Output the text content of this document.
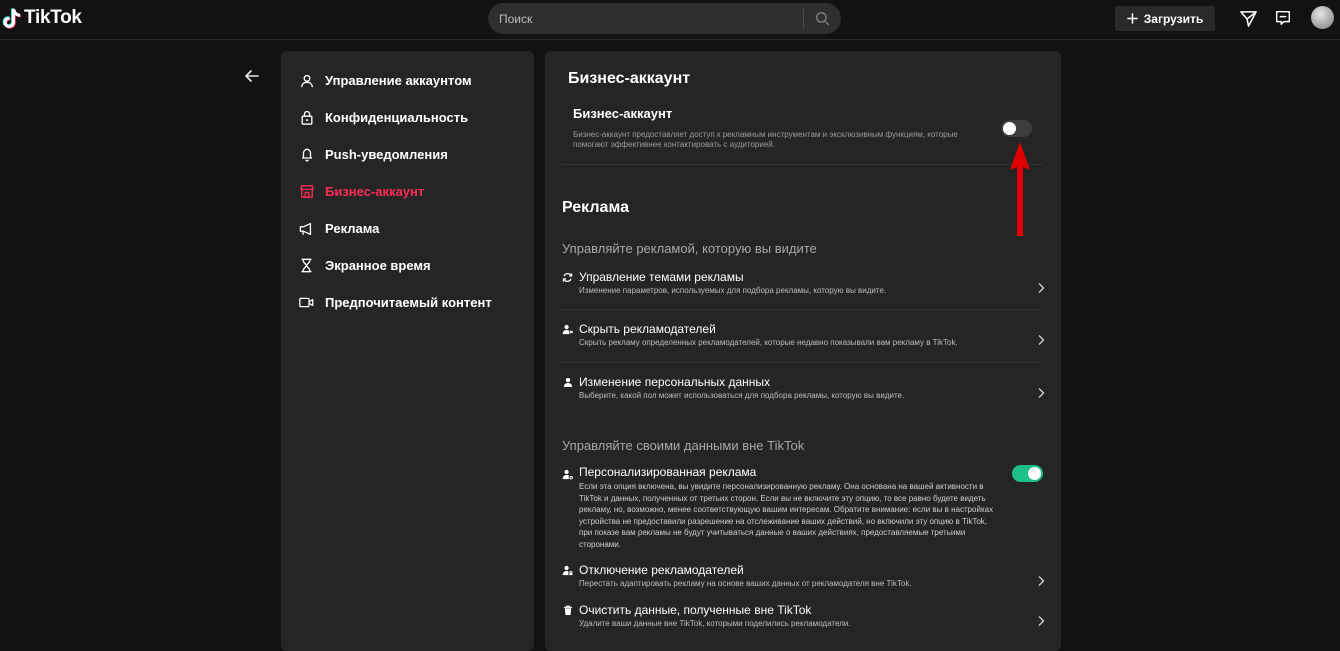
TikTok
Поиск	Загрузить
Управление аккаунтом
Конфиденциальность
Push-уведомления
Бизнес-аккаунт
Реклама
Экранное время
Предпочитаемый контент
Бизнес-аккаунт
Бизнес-аккаунт
Бизнес-аккаунт предоставляет доступ к рекламным инструментам и эксклюзивным функциям, которые помогают эффективнее контактировать с аудиторией.
Реклама
Управляйте рекламой, которую вы видите
Управление темами рекламы
Изменение параметров, используемых для подбора рекламы, которую вы видите.
Скрыть рекламодателей
Скрыть рекламу определенных рекламодателей, которые недавно показывали вам рекламу в TikTok.
Изменение персональных данных
Выберите, какой пол может использоваться для подбора рекламы, которую вы видите.
Управляйте своими данными вне TikTok
Персонализированная реклама
Если эта опция включена, вы увидите персонализированную рекламу. Она основана на вашей активности в TikTok и данных, полученных от третьих сторон. Если вы не включите эту опцию, то все равно будете видеть рекламу, но, возможно, менее соответствующую вашим интересам. Обратите внимание: если вы в настройках устройства не предоставили разрешение на отслеживание ваших действий, но включили эту опцию в TikTok, при показе вам рекламы не будут учитываться данные о ваших действиях, предоставляемые третьими сторонами.
Отключение рекламодателей
Перестать адаптировать рекламу на основе ваших данных от рекламодателя вне TikTok.
Очистить данные, полученные вне TikTok
Удалите ваши данные вне TikTok, которыми поделились рекламодатели.
